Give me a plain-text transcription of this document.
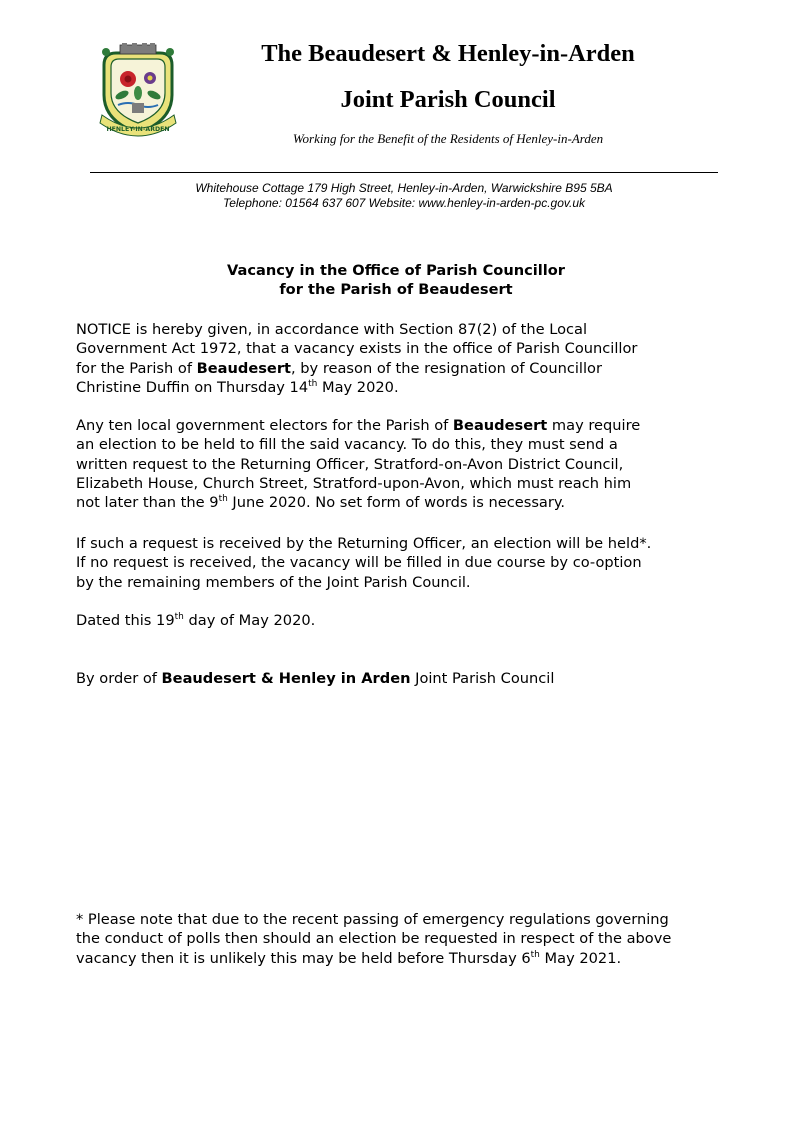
HENLEY-IN-ARDEN
The Beaudesert & Henley-in-Arden
Joint Parish Council
Working for the Benefit of the Residents of Henley-in-Arden
Whitehouse Cottage 179 High Street, Henley-in-Arden, Warwickshire B95 5BA
Telephone: 01564 637 607 Website: www.henley-in-arden-pc.gov.uk
Vacancy in the Office of Parish Councillor
for the Parish of Beaudesert
NOTICE is hereby given, in accordance with Section 87(2) of the Local
Government Act 1972, that a vacancy exists in the office of Parish Councillor
for the Parish of Beaudesert, by reason of the resignation of Councillor
Christine Duffin on Thursday 14th May 2020.
Any ten local government electors for the Parish of Beaudesert may require
an election to be held to fill the said vacancy. To do this, they must send a
written request to the Returning Officer, Stratford-on-Avon District Council,
Elizabeth House, Church Street, Stratford-upon-Avon, which must reach him
not later than the 9th June 2020. No set form of words is necessary.
If such a request is received by the Returning Officer, an election will be held*.
If no request is received, the vacancy will be filled in due course by co-option
by the remaining members of the Joint Parish Council.
Dated this 19th day of May 2020.
By order of Beaudesert & Henley in Arden Joint Parish Council
* Please note that due to the recent passing of emergency regulations governing
the conduct of polls then should an election be requested in respect of the above
vacancy then it is unlikely this may be held before Thursday 6th May 2021.
